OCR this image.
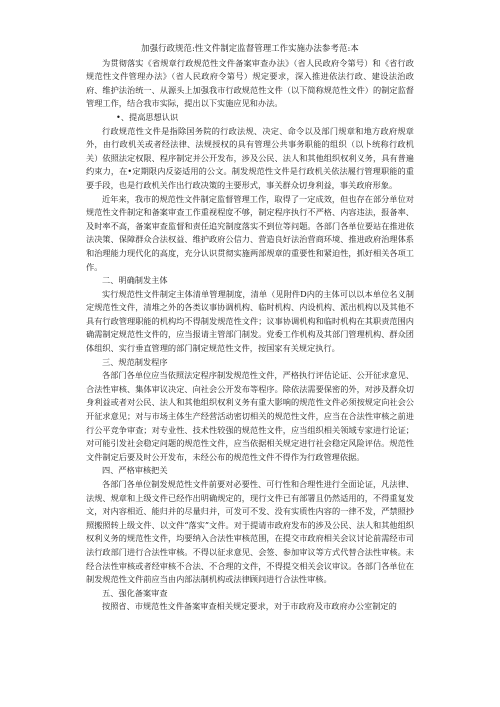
加强行政规范:性文件制定监督管理工作实施办法参考范:本

为贯彻落实《省规章行政规范性文件备案审查办法》（省人民政府令第号）和《省行政规范性文件管理办法》（省人民政府令第号）规定要求，深入推进依法行政、建设法治政府、维护法治统一、从源头上加强我市行政规范性文件（以下简称规范性文件）的制定监督管理工作，结合我市实际，提出以下实施应见和办法。

•、提高思想认识

行政规范性文件是指除国务院的行政法规、决定、命令以及部门规章和地方政府规章外，由行政机关或者经法律、法规授权的具有管理公共事务职能的组织（以卜统称行政机关）依照法定权限、程序制定并公开发布，涉及公民、法人和其他组织权利义务，具有普遍约束力，在•定期限内反姿适用的公文。制发规范性文件是行政机关依法履行管理职能的重要手段，也是行政机关作出行政决策的主要形式，事关群众切身利益，事关政府形象。

近年来，我市的规范性文件制定监督管理工作，取得了一定成效，但也存在部分单位对规范性文件制定和备案审查工作重视程度不够，制定程序执行不严格、内容违法，报备率、及时率不高，备案审查监督和责任追究制度落实不到位等问题。各部门各单位要站在推进依法决策、保障群众合法权益、维护政府公信力、营造良好法治营商环境、推进政府治理体系和治理能力现代化的高度，充分认识贯彻实施两部规章的重要性和紧迫性，抓好相关各项工作。

二、明确制发主体

实行规范性文件制定主体清单管理制度，清单（见附件D内的主体可以以本单位名义制定规范性文件，清堆之外的各类议事协调机构、临时机构、内设机构、派出机构以及其他不具有行政管理职能的机构均不得制发规范性文件；议事协调机构和临时机构在其职责范围内确需制定规范性文件的，应当报请主管部门制发。党委工作机构及其部门管理机构、群众团体组织、实行垂直管理的部门制定规范性文件，按国家有关规定执行。

三、规范制发程序

各部门各单位应当依照法定程序制发规范性文件，严格执行评估论证、公开征求意见、合法性审核、集体审议决定、向社会公开发布等程序。除依法需要保密的外，对涉及群众切身利益或者对公民、法人和其他组织权利义务有重大影响的规范性文件必须按规定向社会公开征求意见；对与市场主体生产经营活动密切相关的规范性文件，应当在合法性审核之前进行公平竞争审查；对专业性、技术性较强的规范性文件，应当组织相关领域专家进行论证；对可能引发社会稳定问题的规范性文件，应当依据相关规定进行社会稳定风险评估。规范性文件制定后要及时公开发布，未经公布的规范性文件不得作为行政管理依据。

四、严格审核把关

各部门各单位制发规范性文件前要对必要性、可行性和合理性进行全面论证，凡法律、法规、规章和上级文件已经作出明确规定的，现行文件已有部署且仍然适用的，不得重复发文，对内容相近、能归并的尽量归并，可发可不发、没有实质性内容的一律不发，严禁照抄照搬照转上级文件、以文件“落实”文件。对于提请市政府发布的涉及公民、法人和其他组织权利义务的规范性文件，均要纳入合法性审核范围，在提交市政府相关会议讨论前需经市司法行政部门进行合法性审核。不得以征求意见、会签、参加审议等方式代替合法性审核。未经合法性审核或者经审核不合法、不合理的文件，不得提交相关会议审议。各部门各单位在制发规范性文件前应当由内部法制机构或法律顾问进行合法性审核。

五、强化备案审查

按照省、市规范性文件备案审查相关规定要求，对于市政府及市政府办公室制定的
